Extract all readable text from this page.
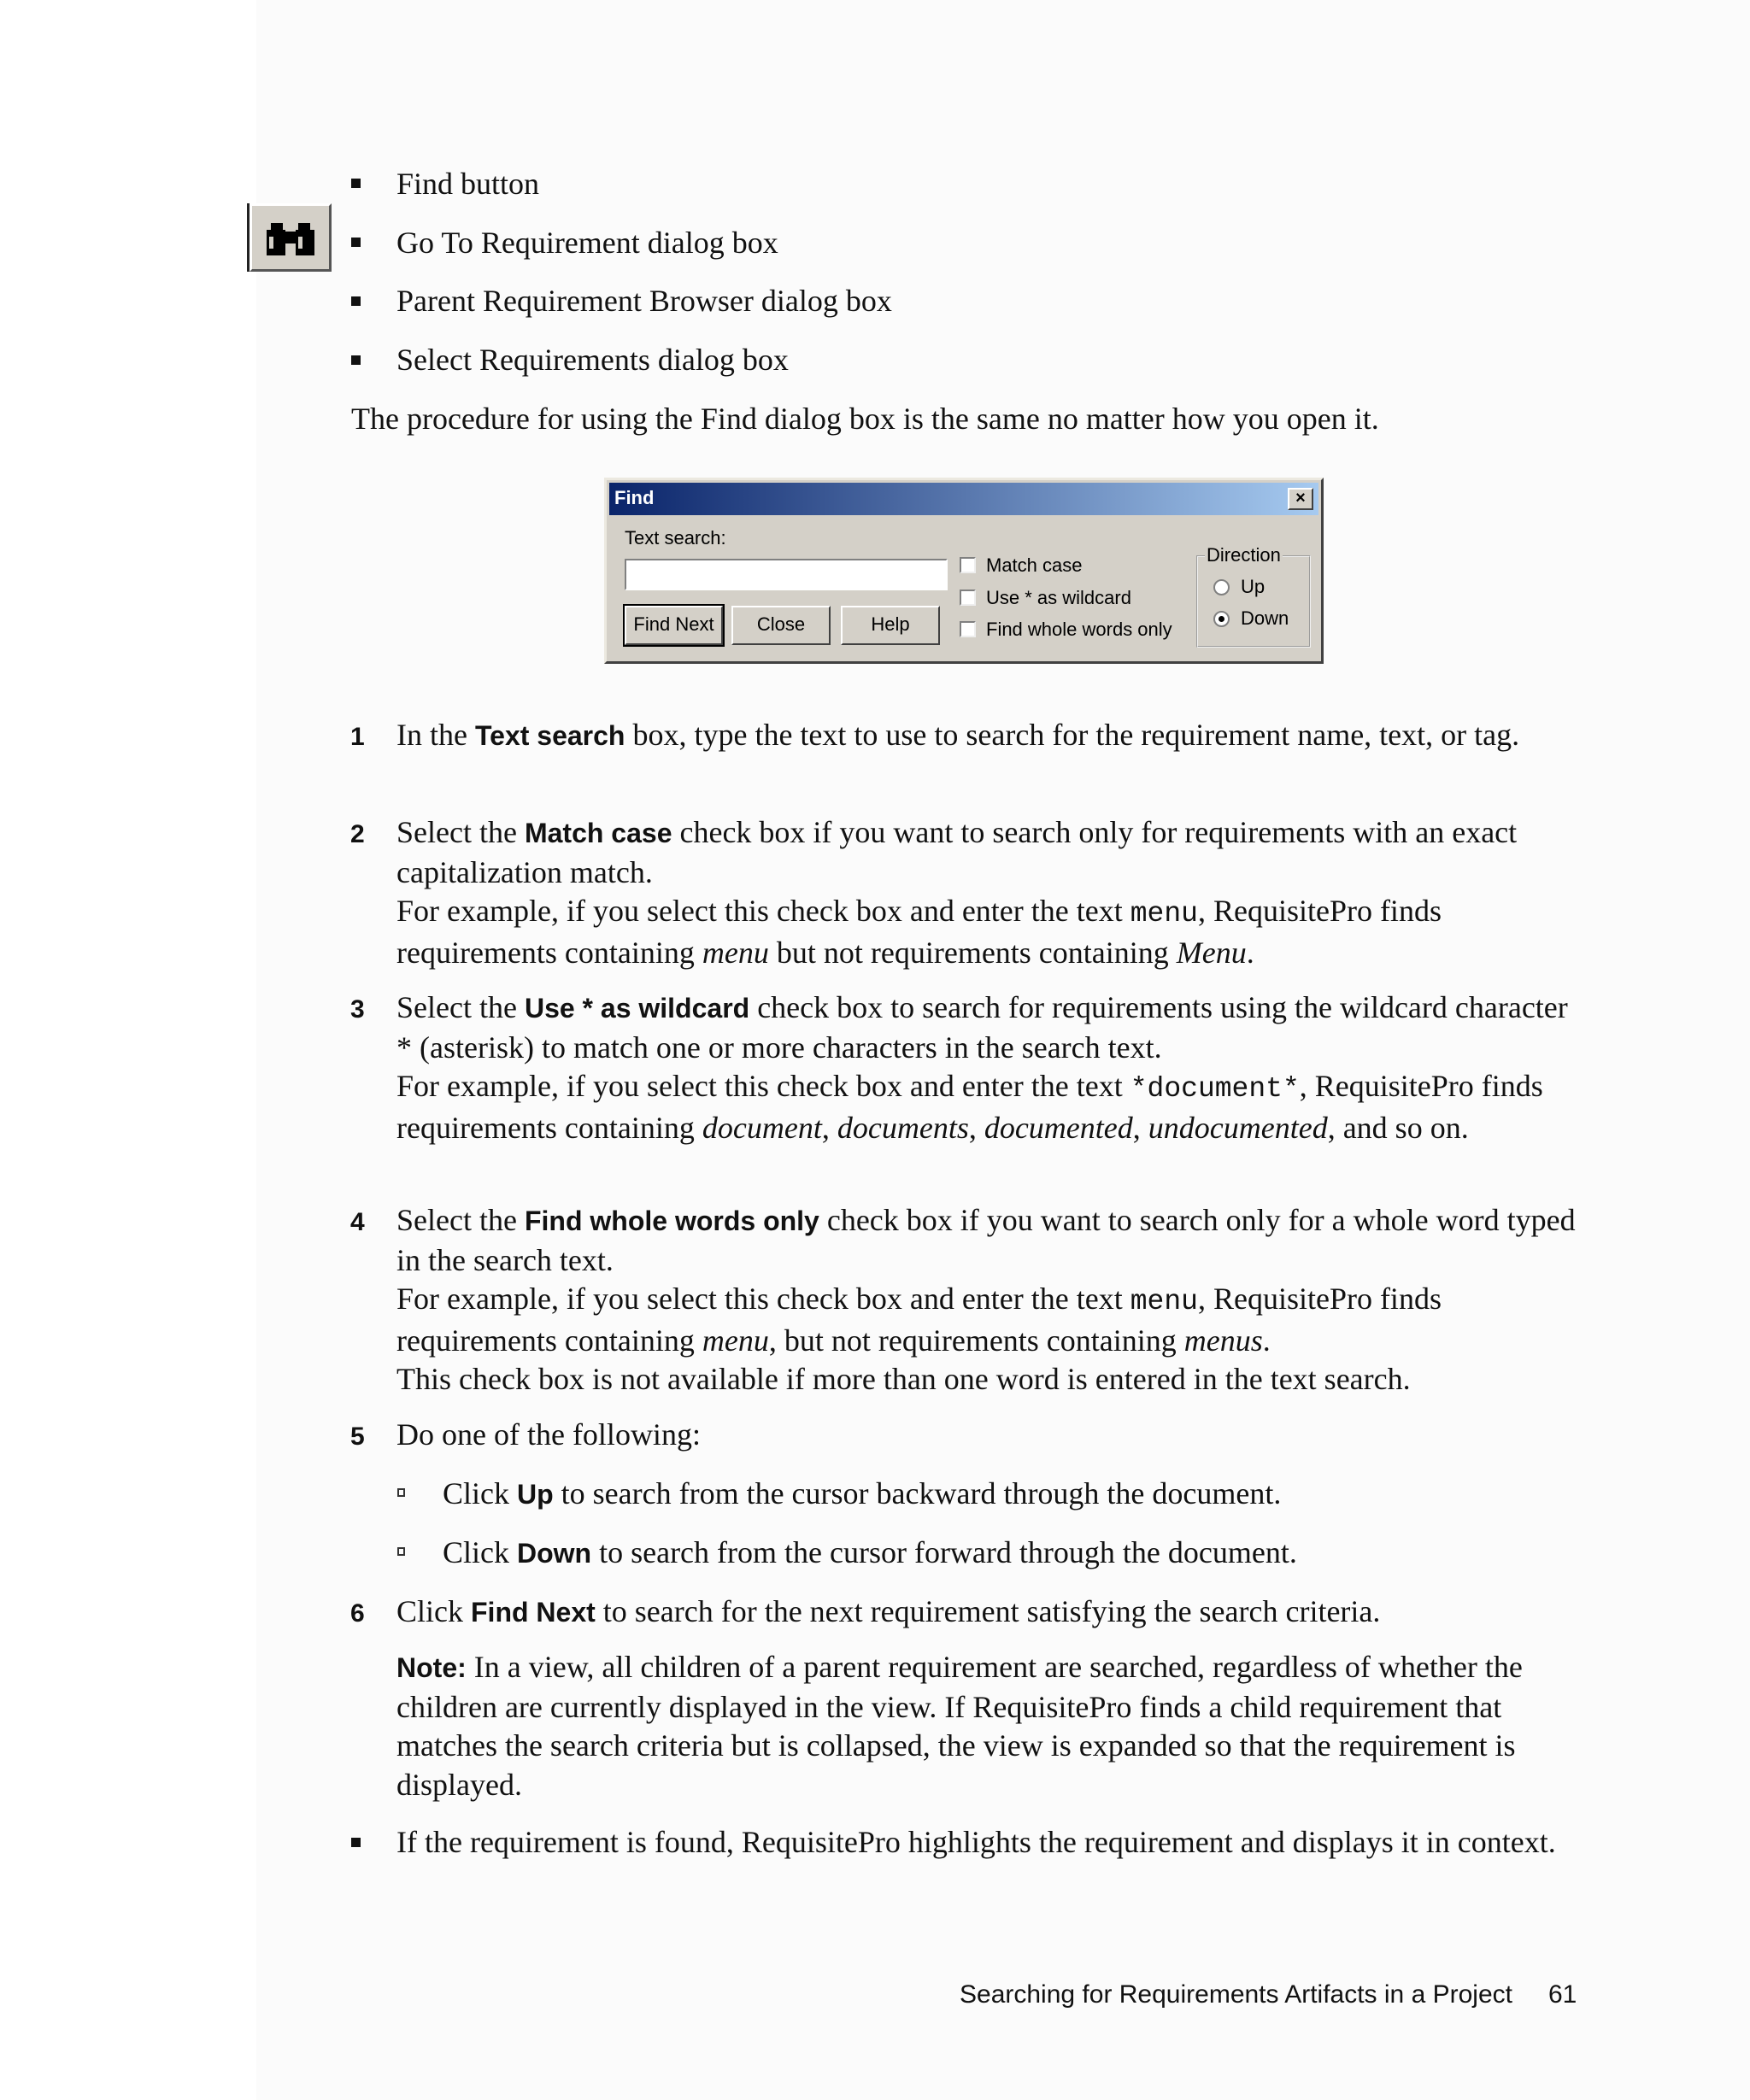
Find button
Go To Requirement dialog box
Parent Requirement Browser dialog box
Select Requirements dialog box
The procedure for using the Find dialog box is the same no matter how you open it.
Find	×
Text search:
Find Next	Close	Help
Match case
Use * as wildcard
Find whole words only
Direction
Up
Down
1 In the Text search box, type the text to use to search for the requirement name, text, or tag.
2 Select the Match case check box if you want to search only for requirements with an exact capitalization match.
For example, if you select this check box and enter the text menu, RequisitePro finds requirements containing menu but not requirements containing Menu.
3 Select the Use * as wildcard check box to search for requirements using the wildcard character * (asterisk) to match one or more characters in the search text.
For example, if you select this check box and enter the text *document*, RequisitePro finds requirements containing document, documents, documented, undocumented, and so on.
4 Select the Find whole words only check box if you want to search only for a whole word typed in the search text.
For example, if you select this check box and enter the text menu, RequisitePro finds requirements containing menu, but not requirements containing menus.
This check box is not available if more than one word is entered in the text search.
5 Do one of the following:
Click Up to search from the cursor backward through the document.
Click Down to search from the cursor forward through the document.
6 Click Find Next to search for the next requirement satisfying the search criteria.
Note: In a view, all children of a parent requirement are searched, regardless of whether the children are currently displayed in the view. If RequisitePro finds a child requirement that matches the search criteria but is collapsed, the view is expanded so that the requirement is displayed.
If the requirement is found, RequisitePro highlights the requirement and displays it in context.
Searching for Requirements Artifacts in a Project 61
